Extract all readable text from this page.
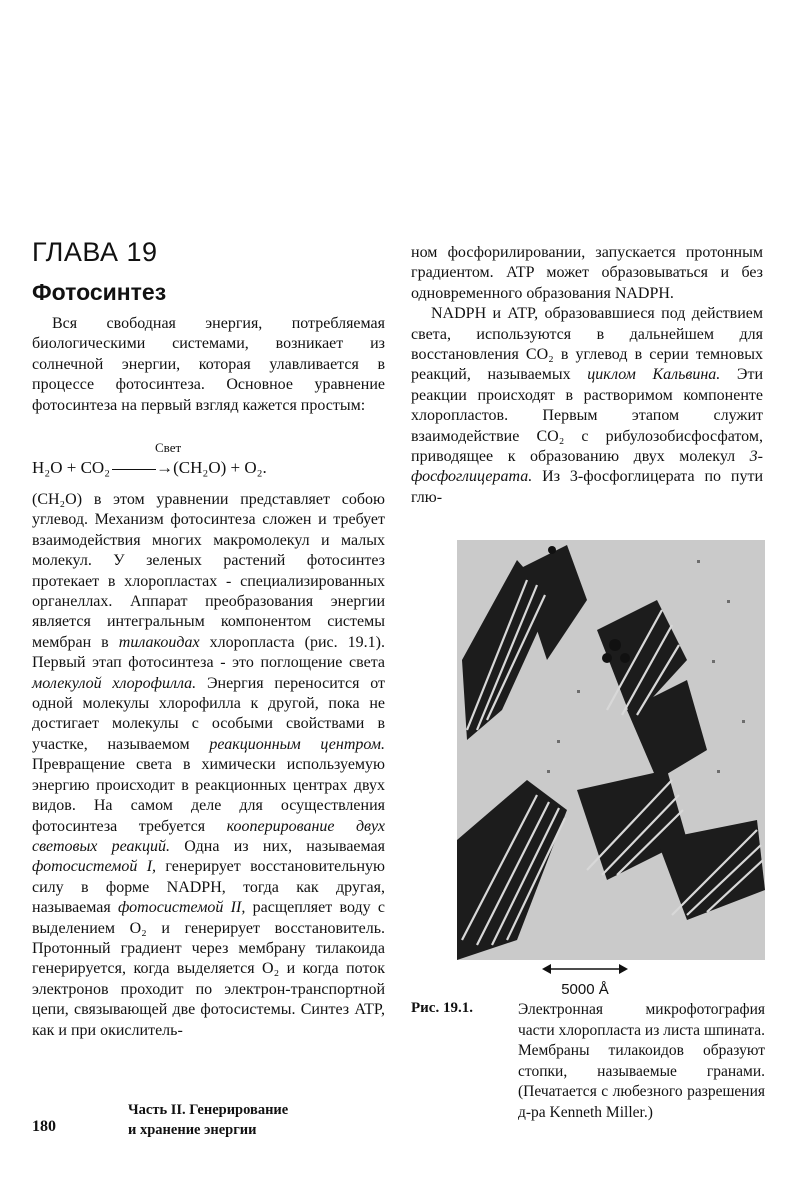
ГЛАВА 19
Фотосинтез

Вся свободная энергия, потребляемая биологическими системами, возникает из солнечной энергии, которая улавливается в процессе фотосинтеза. Основное уравнение фотосинтеза на первый взгляд кажется простым:

Свет
H₂O + CO₂	→(CH₂O) + O₂.

(CH₂O) в этом уравнении представляет собою углевод. Механизм фотосинтеза сложен и требует взаимодействия многих макромолекул и малых молекул. У зеленых растений фотосинтез протекает в хлоропластах - специализированных органеллах. Аппарат преобразования энергии является интегральным компонентом системы мембран в тилакоидах хлоропласта (рис. 19.1). Первый этап фотосинтеза - это поглощение света молекулой хлорофилла. Энергия переносится от одной молекулы хлорофилла к другой, пока не достигает молекулы с особыми свойствами в участке, называемом реакционным центром. Превращение света в химически используемую энергию происходит в реакционных центрах двух видов. На самом деле для осуществления фотосинтеза требуется кооперирование двух световых реакций. Одна из них, называемая фотосистемой I, генерирует восстановительную силу в форме NADPH, тогда как другая, называемая фотосистемой II, расщепляет воду с выделением O₂ и генерирует восстановитель. Протонный градиент через мембрану тилакоида генерируется, когда выделяется O₂ и когда поток электронов проходит по электрон-транспортной цепи, связывающей две фотосистемы. Синтез ATP, как и при окислитель-

ном фосфорилировании, запускается протонным градиентом. ATP может образовываться и без одновременного образования NADPH.

NADPH и ATP, образовавшиеся под действием света, используются в дальнейшем для восстановления CO₂ в углевод в серии темновых реакций, называемых циклом Кальвина. Эти реакции происходят в растворимом компоненте хлоропластов. Первым этапом служит взаимодействие CO₂ с рибулозобисфосфатом, приводящее к образованию двух молекул 3-фосфоглицерата. Из 3-фосфоглицерата по пути глю-

5000 Å
Рис. 19.1.	Электронная микрофотография части хлоропласта из листа шпината. Мембраны тилакоидов образуют стопки, называемые гранами. (Печатается с любезного разрешения д-ра Kenneth Miller.)
180
Часть II. Генерирование
и хранение энергии
